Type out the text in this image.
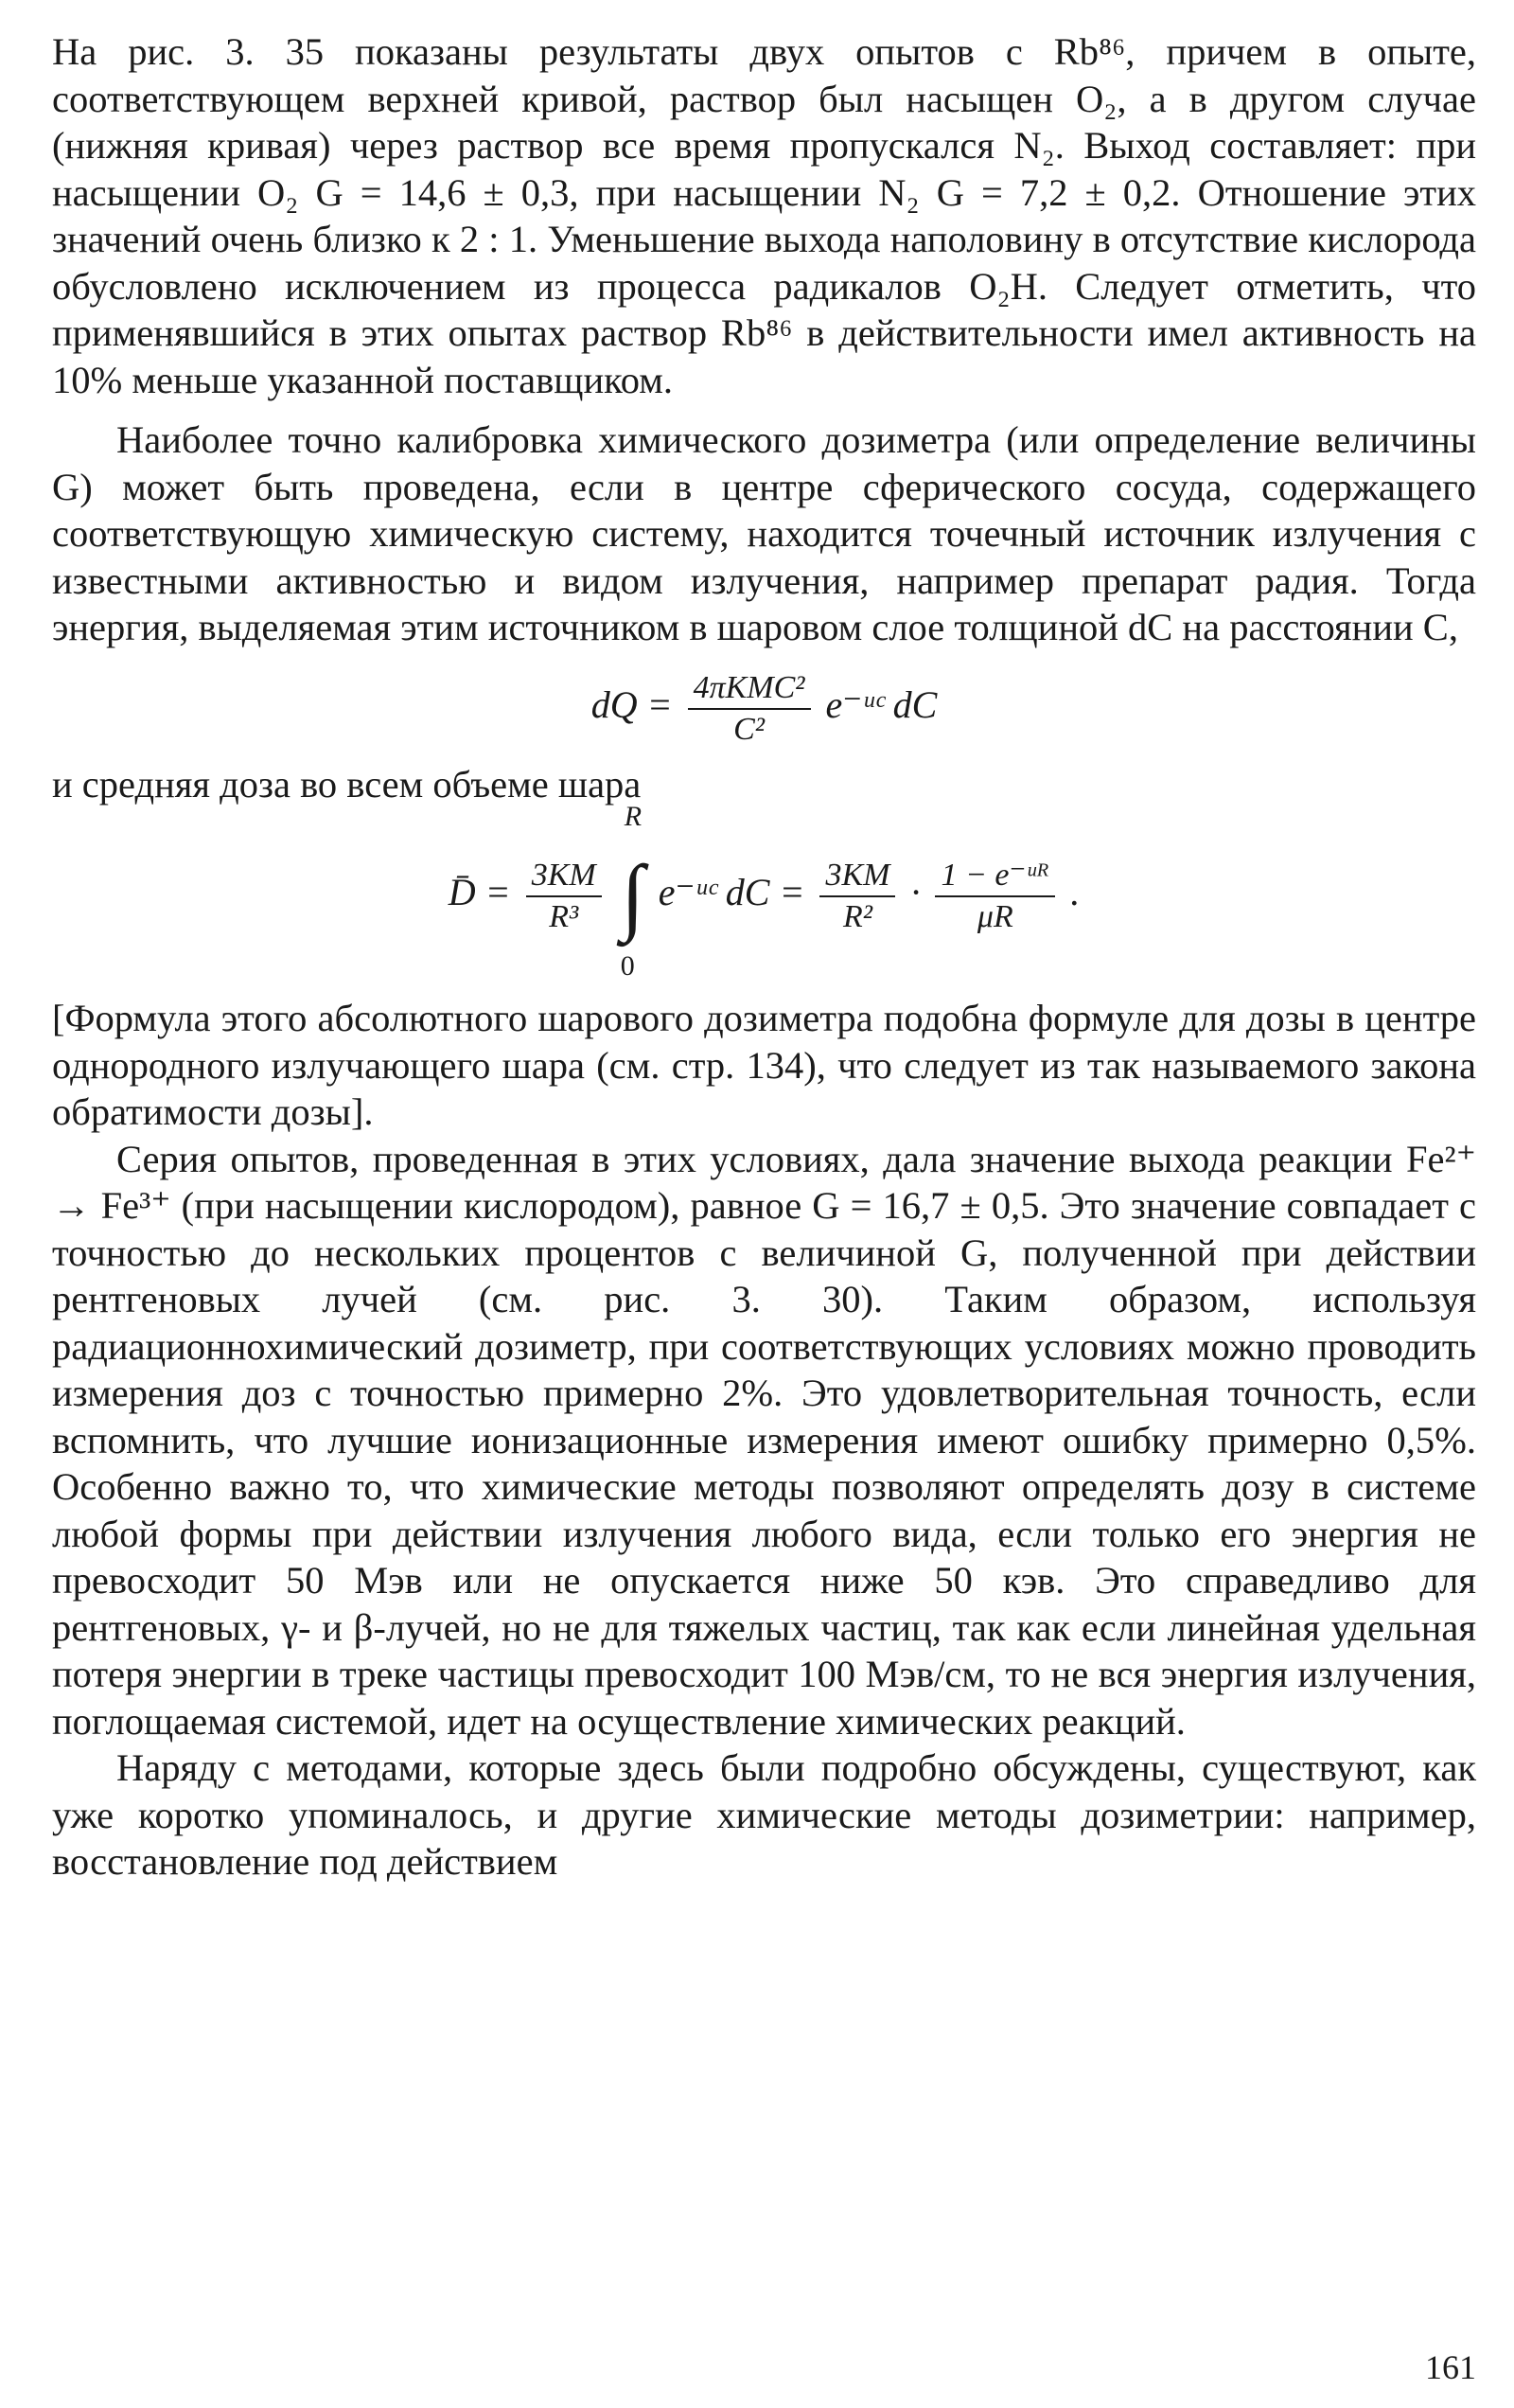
На рис. 3. 35 показаны результаты двух опытов с Rb⁸⁶, причем в опыте, соответствующем верхней кривой, раствор был насыщен O₂, а в другом случае (нижняя кривая) через раствор все время пропускался N₂. Выход составляет: при насыщении O₂ G = 14,6 ± 0,3, при насыщении N₂ G = 7,2 ± 0,2. Отношение этих значений очень близко к 2 : 1. Уменьшение выхода наполовину в отсутствие кислорода обусловлено исключением из процесса радикалов O₂H. Следует отметить, что применявшийся в этих опытах раствор Rb⁸⁶ в действительности имел активность на 10% меньше указанной поставщиком.

Наиболее точно калибровка химического дозиметра (или определение величины G) может быть проведена, если в центре сферического сосуда, содержащего соответствующую химическую систему, находится точечный источник излучения с известными активностью и видом излучения, например препарат радия. Тогда энергия, выделяемая этим источником в шаровом слое толщиной dC на расстоянии C,

dQ = $\frac{\text{4πKMC²}}{\text{C²}}$ e⁻ᵘᶜ dC

и средняя доза во всем объеме шара

D̄ = $\frac{3KM}{\text{R³}}$ ∫
R
0
e⁻ᵘᶜ dC = $\frac{3KM}{\text{R²}} \cdot \frac{\text{1 − e⁻ᵘᴿ}}{\mu R}$ .

[Формула этого абсолютного шарового дозиметра подобна формуле для дозы в центре однородного излучающего шара (см. стр. 134), что следует из так называемого закона обратимости дозы].

Серия опытов, проведенная в этих условиях, дала значение выхода реакции Fe²⁺ → Fe³⁺ (при насыщении кислородом), равное G = 16,7 ± 0,5. Это значение совпадает с точностью до нескольких процентов с величиной G, полученной при действии рентгеновых лучей (см. рис. 3. 30). Таким образом, используя радиационнохимический дозиметр, при соответствующих условиях можно проводить измерения доз с точностью примерно 2%. Это удовлетворительная точность, если вспомнить, что лучшие ионизационные измерения имеют ошибку примерно 0,5%. Особенно важно то, что химические методы позволяют определять дозу в системе любой формы при действии излучения любого вида, если только его энергия не превосходит 50 Мэв или не опускается ниже 50 кэв. Это справедливо для рентгеновых, γ- и β-лучей, но не для тяжелых частиц, так как если линейная удельная потеря энергии в треке частицы превосходит 100 Мэв/см, то не вся энергия излучения, поглощаемая системой, идет на осуществление химических реакций.

Наряду с методами, которые здесь были подробно обсуждены, существуют, как уже коротко упоминалось, и другие химические методы дозиметрии: например, восстановление под действием

161
